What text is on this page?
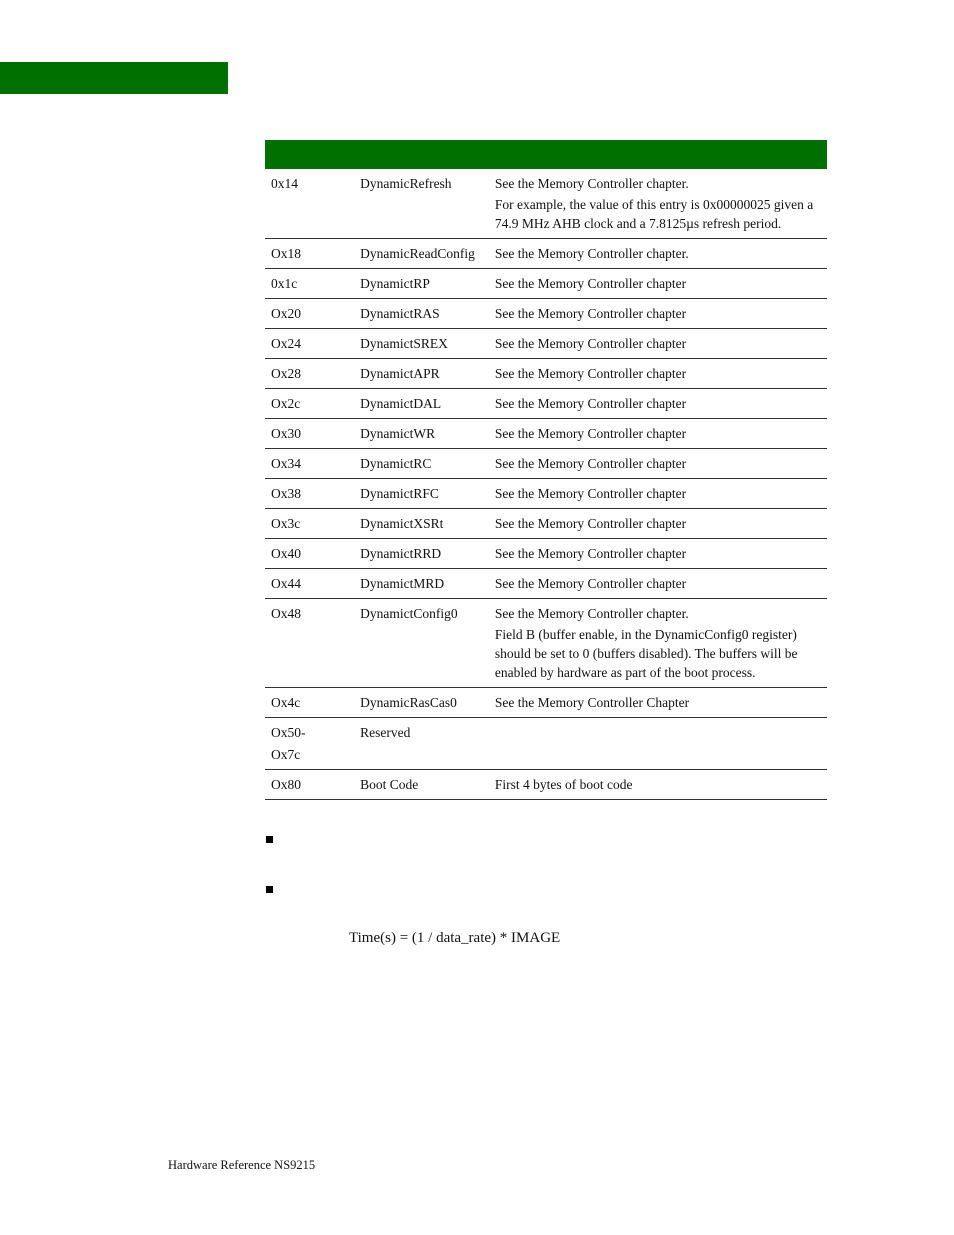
0x14	DynamicRefresh	See the Memory Controller chapter.
For example, the value of this entry is 0x00000025 given a 74.9 MHz AHB clock and a 7.8125µs refresh period.

Ox18	DynamicReadConfig	See the Memory Controller chapter.

0x1c	DynamictRP	See the Memory Controller chapter

Ox20	DynamictRAS	See the Memory Controller chapter

Ox24	DynamictSREX	See the Memory Controller chapter

Ox28	DynamictAPR	See the Memory Controller chapter

Ox2c	DynamictDAL	See the Memory Controller chapter

Ox30	DynamictWR	See the Memory Controller chapter

Ox34	DynamictRC	See the Memory Controller chapter

Ox38	DynamictRFC	See the Memory Controller chapter

Ox3c	DynamictXSRt	See the Memory Controller chapter

Ox40	DynamictRRD	See the Memory Controller chapter

Ox44	DynamictMRD	See the Memory Controller chapter

Ox48	DynamictConfig0	See the Memory Controller chapter.
Field B (buffer enable, in the DynamicConfig0 register) should be set to 0 (buffers disabled). The buffers will be enabled by hardware as part of the boot process.

Ox4c	DynamicRasCas0	See the Memory Controller Chapter

Ox50-
Ox7c	Reserved	

Ox80	Boot Code	First 4 bytes of boot code
Time(s) = (1 / data_rate) * IMAGE
Hardware Reference NS9215
